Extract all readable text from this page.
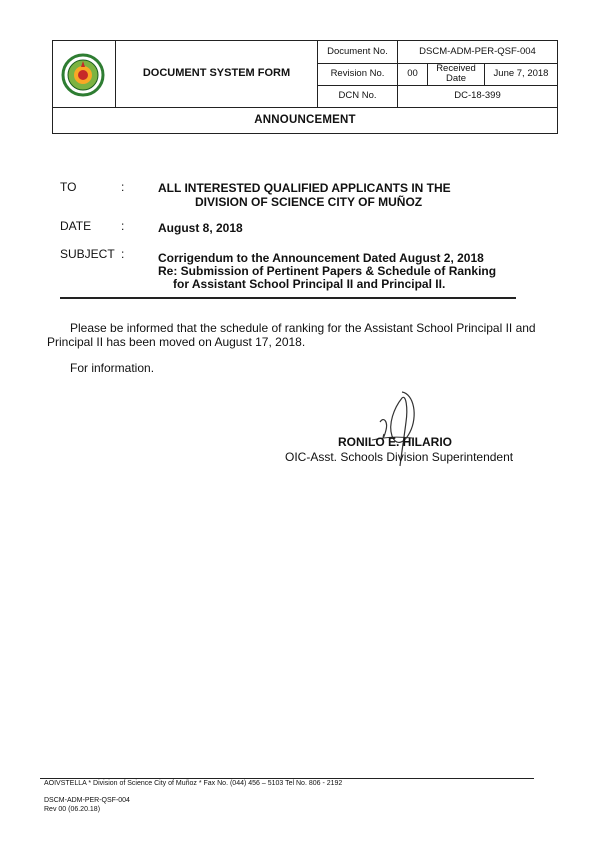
DOCUMENT SYSTEM FORM
Document No.	DSCM-ADM-PER-QSF-004
Revision No.	00	Received Date	June 7, 2018
DCN No.	DC-18-399
ANNOUNCEMENT
TO	:	ALL INTERESTED QUALIFIED APPLICANTS IN THE
DIVISION OF SCIENCE CITY OF MUÑOZ
DATE :	August 8, 2018
SUBJECT :	Corrigendum to the Announcement Dated August 2, 2018
Re: Submission of Pertinent Papers & Schedule of Ranking
for Assistant School Principal II and Principal II.
Please be informed that the schedule of ranking for the Assistant School Principal II and
Principal II has been moved on August 17, 2018.
For information.
RONILO E. HILARIO
OIC-Asst. Schools Division Superintendent
AOIVSTELLA * Division of Science City of Muñoz * Fax No. (044) 456 – 5103 Tel No. 806 - 2192
DSCM-ADM-PER-QSF-004
Rev 00 (06.20.18)
